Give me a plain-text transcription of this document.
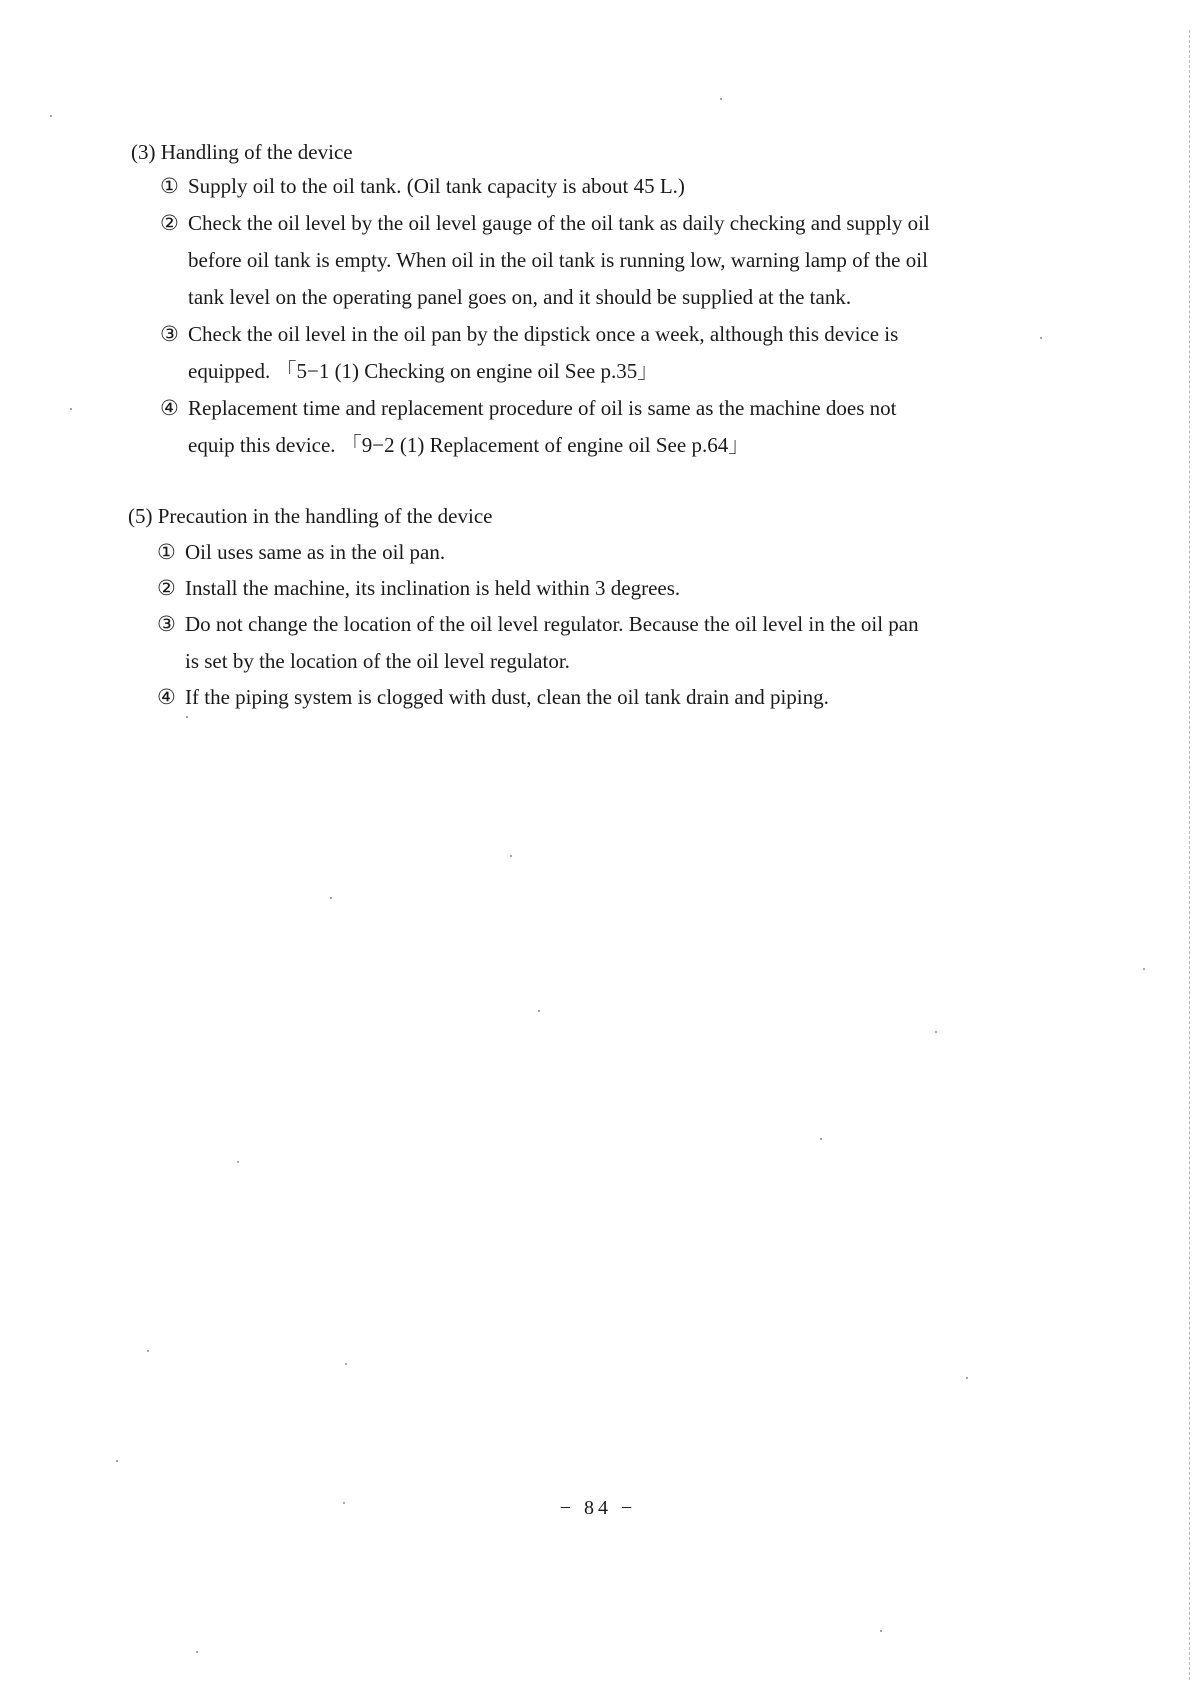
(3) Handling of the device
① Supply oil to the oil tank. (Oil tank capacity is about 45 L.)
② Check the oil level by the oil level gauge of the oil tank as daily checking and supply oil
before oil tank is empty. When oil in the oil tank is running low, warning lamp of the oil
tank level on the operating panel goes on, and it should be supplied at the tank.
③ Check the oil level in the oil pan by the dipstick once a week, although this device is
equipped. 「5−1 (1) Checking on engine oil See p.35」
④ Replacement time and replacement procedure of oil is same as the machine does not
equip this device. 「9−2 (1) Replacement of engine oil See p.64」
(5) Precaution in the handling of the device
① Oil uses same as in the oil pan.
② Install the machine, its inclination is held within 3 degrees.
③ Do not change the location of the oil level regulator. Because the oil level in the oil pan
is set by the location of the oil level regulator.
④ If the piping system is clogged with dust, clean the oil tank drain and piping.
− 84 −
